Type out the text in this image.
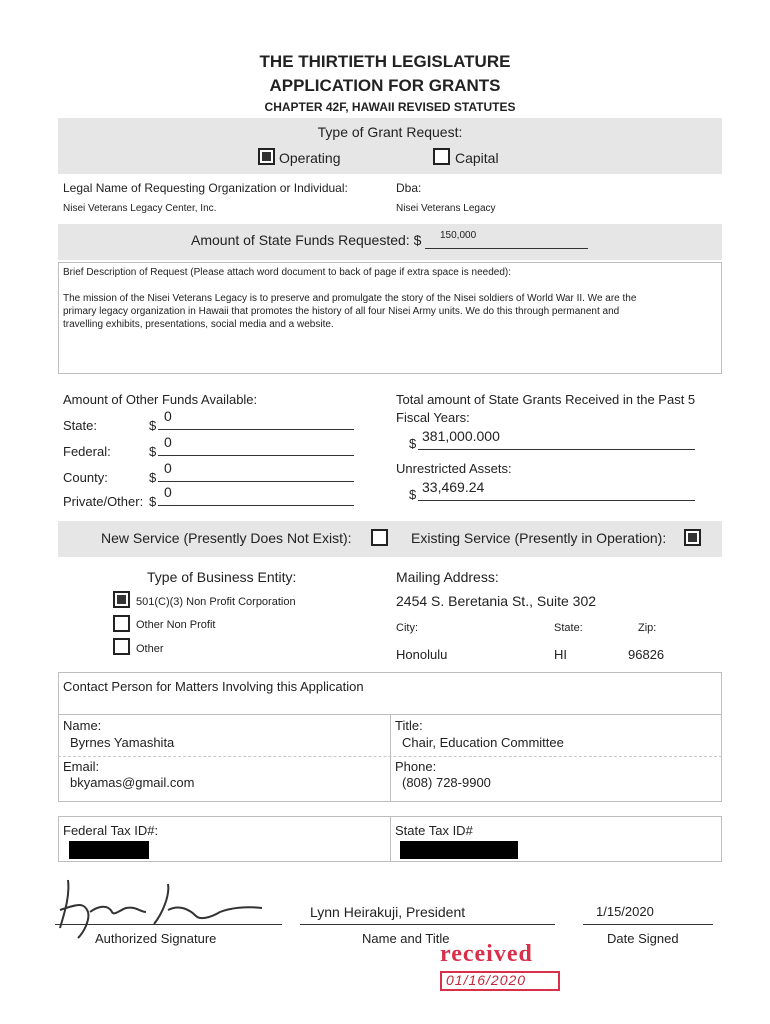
THE THIRTIETH LEGISLATURE
APPLICATION FOR GRANTS
CHAPTER 42F, HAWAII REVISED STATUTES
Type of Grant Request:
Operating	Capital
Legal Name of Requesting Organization or Individual:
Nisei Veterans Legacy Center, Inc.
Dba:
Nisei Veterans Legacy
Amount of State Funds Requested: $ 150,000
Brief Description of Request (Please attach word document to back of page if extra space is needed):
The mission of the Nisei Veterans Legacy is to preserve and promulgate the story of the Nisei soldiers of World War II. We are the
primary legacy organization in Hawaii that promotes the history of all four Nisei Army units. We do this through permanent and
travelling exhibits, presentations, social media and a website.
Amount of Other Funds Available:
State:	$
0
Federal:	$
0
County:	$
0
Private/Other: $
0
Total amount of State Grants Received in the Past 5
Fiscal Years:
$ 381,000.000
Unrestricted Assets:
$ 33,469.24
New Service (Presently Does Not Exist):	Existing Service (Presently in Operation):
Type of Business Entity:
501(C)(3) Non Profit Corporation
Other Non Profit
Other
Mailing Address:
2454 S. Beretania St., Suite 302
City:	State:	Zip:
Honolulu	HI	96826
Contact Person for Matters Involving this Application
Name:
Byrnes Yamashita
Title:
Chair, Education Committee
Email:
bkyamas@gmail.com
Phone:
(808) 728-9900
Federal Tax ID#:	State Tax ID#
Authorized Signature
Lynn Heirakuji, President
Name and Title
1/15/2020
Date Signed
received
01/16/2020
